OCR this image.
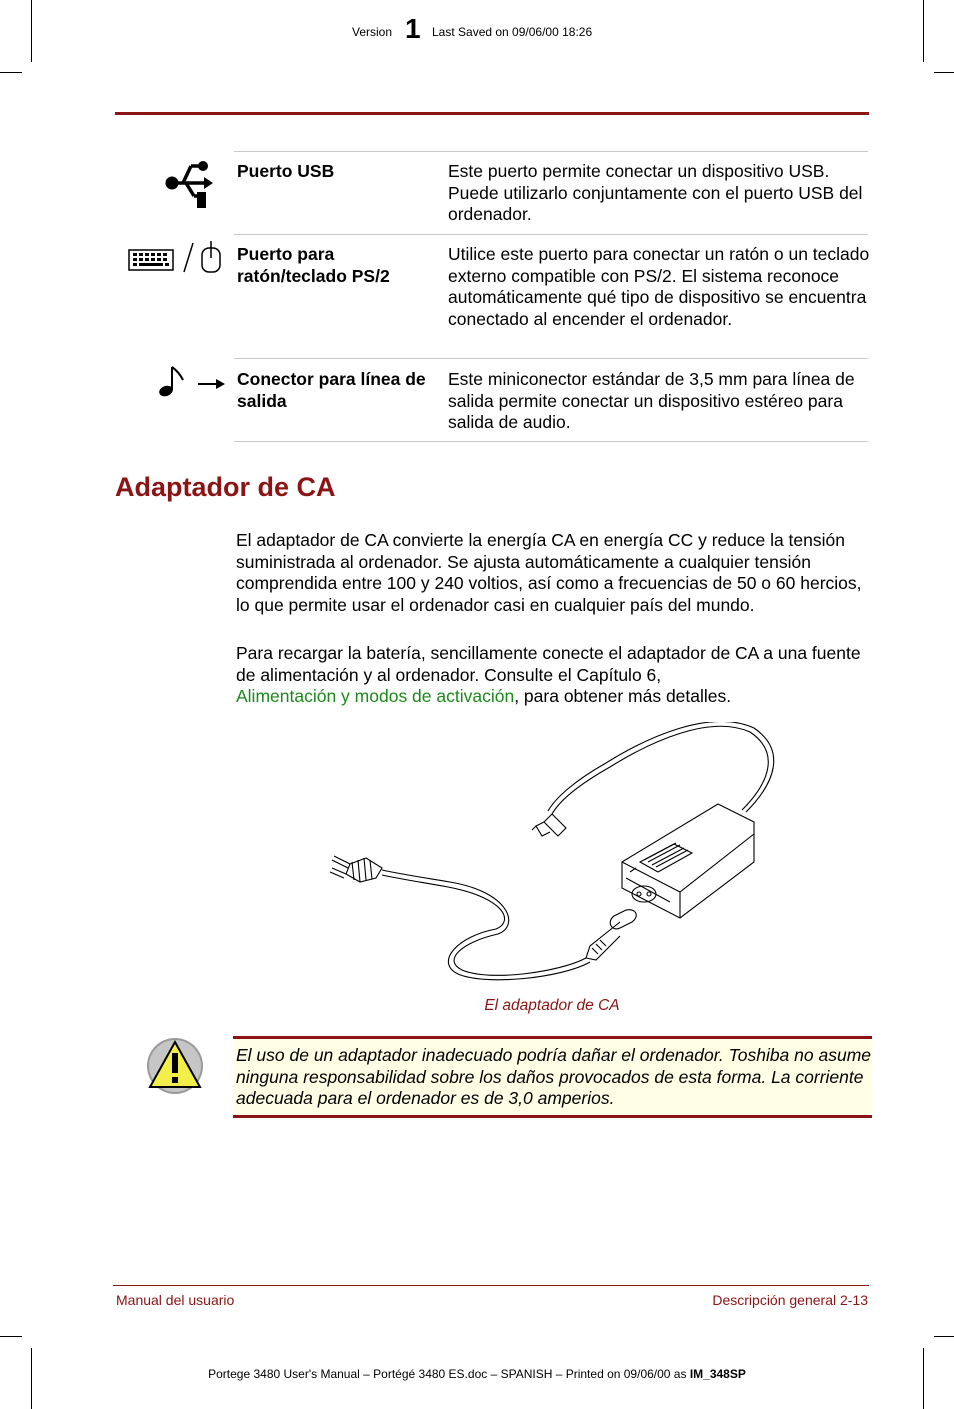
Version 1 Last Saved on 09/06/00 18:26
Puerto USB	Este puerto permite conectar un dispositivo USB. Puede utilizarlo conjuntamente con el puerto USB del ordenador.
Puerto para ratón/teclado PS/2
Utilice este puerto para conectar un ratón o un teclado externo compatible con PS/2. El sistema reconoce automáticamente qué tipo de dispositivo se encuentra conectado al encender el ordenador.
Conector para línea de salida
Este miniconector estándar de 3,5 mm para línea de salida permite conectar un dispositivo estéreo para salida de audio.
Adaptador de CA
El adaptador de CA convierte la energía CA en energía CC y reduce la tensión suministrada al ordenador. Se ajusta automáticamente a cualquier tensión comprendida entre 100 y 240 voltios, así como a frecuencias de 50 o 60 hercios, lo que permite usar el ordenador casi en cualquier país del mundo.
Para recargar la batería, sencillamente conecte el adaptador de CA a una fuente de alimentación y al ordenador. Consulte el Capítulo 6,
Alimentación y modos de activación, para obtener más detalles.
El adaptador de CA
El uso de un adaptador inadecuado podría dañar el ordenador. Toshiba no asume ninguna responsabilidad sobre los daños provocados de esta forma. La corriente adecuada para el ordenador es de 3,0 amperios.
Manual del usuario	Descripción general 2-13
Portege 3480 User's Manual – Portégé 3480 ES.doc – SPANISH – Printed on 09/06/00 as IM_348SP
